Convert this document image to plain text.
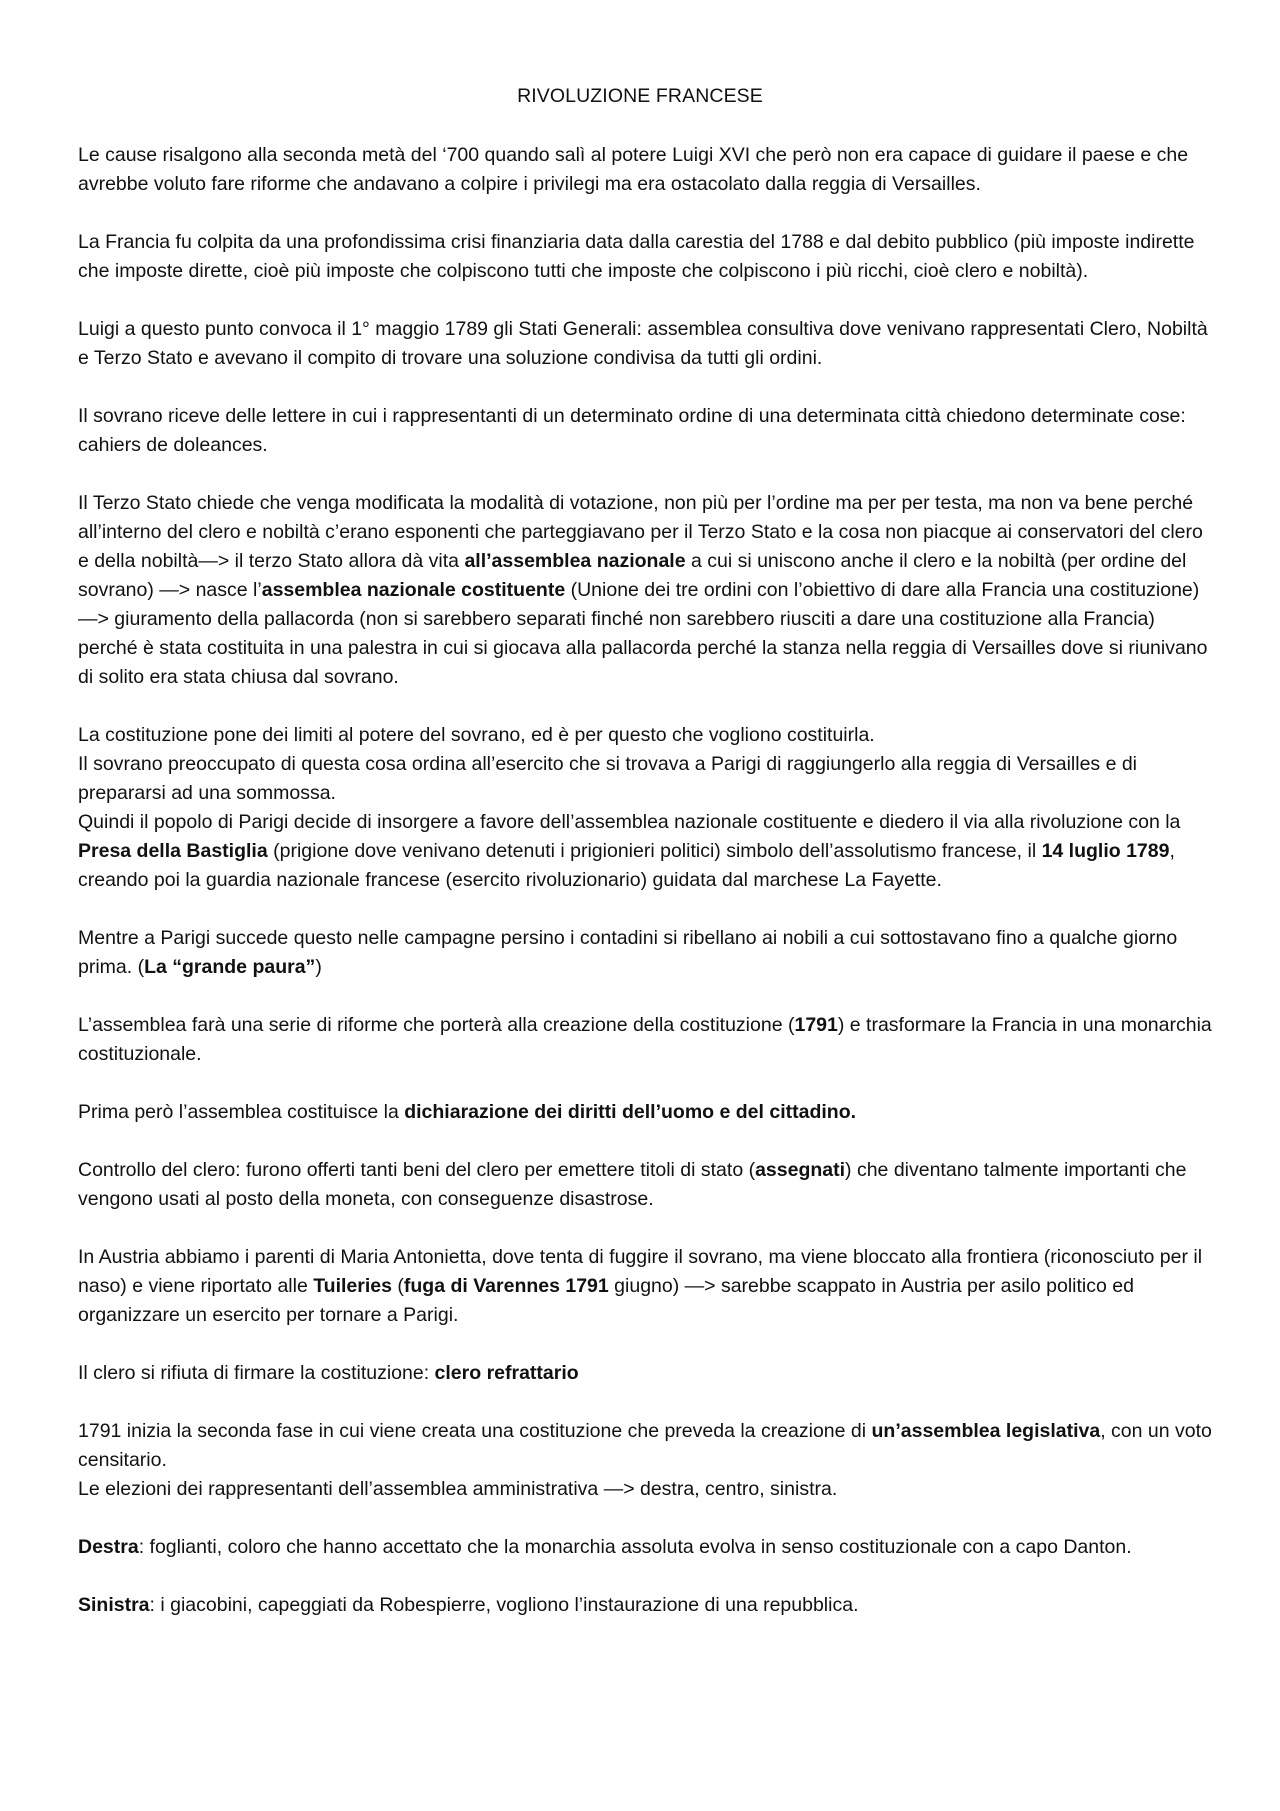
RIVOLUZIONE FRANCESE

Le cause risalgono alla seconda metà del ‘700 quando salì al potere Luigi XVI che però non era capace di guidare il paese e che avrebbe voluto fare riforme che andavano a colpire i privilegi ma era ostacolato dalla reggia di Versailles.

La Francia fu colpita da una profondissima crisi finanziaria data dalla carestia del 1788 e dal debito pubblico (più imposte indirette che imposte dirette, cioè più imposte che colpiscono tutti che imposte che colpiscono i più ricchi, cioè clero e nobiltà).

Luigi a questo punto convoca il 1° maggio 1789 gli Stati Generali: assemblea consultiva dove venivano rappresentati Clero, Nobiltà e Terzo Stato e avevano il compito di trovare una soluzione condivisa da tutti gli ordini.

Il sovrano riceve delle lettere in cui i rappresentanti di un determinato ordine di una determinata città chiedono determinate cose: cahiers de doleances.

Il Terzo Stato chiede che venga modificata la modalità di votazione, non più per l’ordine ma per per testa, ma non va bene perché all’interno del clero e nobiltà c’erano esponenti che parteggiavano per il Terzo Stato e la cosa non piacque ai conservatori del clero e della nobiltà—> il terzo Stato allora dà vita all’assemblea nazionale a cui si uniscono anche il clero e la nobiltà (per ordine del sovrano) —> nasce l’assemblea nazionale costituente (Unione dei tre ordini con l’obiettivo di dare alla Francia una costituzione) —> giuramento della pallacorda (non si sarebbero separati finché non sarebbero riusciti a dare una costituzione alla Francia) perché è stata costituita in una palestra in cui si giocava alla pallacorda perché la stanza nella reggia di Versailles dove si riunivano di solito era stata chiusa dal sovrano.

La costituzione pone dei limiti al potere del sovrano, ed è per questo che vogliono costituirla.

Il sovrano preoccupato di questa cosa ordina all’esercito che si trovava a Parigi di raggiungerlo alla reggia di Versailles e di prepararsi ad una sommossa.

Quindi il popolo di Parigi decide di insorgere a favore dell’assemblea nazionale costituente e diedero il via alla rivoluzione con la Presa della Bastiglia (prigione dove venivano detenuti i prigionieri politici) simbolo dell’assolutismo francese, il 14 luglio 1789, creando poi la guardia nazionale francese (esercito rivoluzionario) guidata dal marchese La Fayette.

Mentre a Parigi succede questo nelle campagne persino i contadini si ribellano ai nobili a cui sottostavano fino a qualche giorno prima. (La “grande paura”)

L’assemblea farà una serie di riforme che porterà alla creazione della costituzione (1791) e trasformare la Francia in una monarchia costituzionale.

Prima però l’assemblea costituisce la dichiarazione dei diritti dell’uomo e del cittadino.

Controllo del clero: furono offerti tanti beni del clero per emettere titoli di stato (assegnati) che diventano talmente importanti che vengono usati al posto della moneta, con conseguenze disastrose.

In Austria abbiamo i parenti di Maria Antonietta, dove tenta di fuggire il sovrano, ma viene bloccato alla frontiera (riconosciuto per il naso) e viene riportato alle Tuileries (fuga di Varennes 1791 giugno) —> sarebbe scappato in Austria per asilo politico ed organizzare un esercito per tornare a Parigi.

Il clero si rifiuta di firmare la costituzione: clero refrattario

1791 inizia la seconda fase in cui viene creata una costituzione che preveda la creazione di un’assemblea legislativa, con un voto censitario.

Le elezioni dei rappresentanti dell’assemblea amministrativa —> destra, centro, sinistra.

Destra: foglianti, coloro che hanno accettato che la monarchia assoluta evolva in senso costituzionale con a capo Danton.

Sinistra: i giacobini, capeggiati da Robespierre, vogliono l’instaurazione di una repubblica.
